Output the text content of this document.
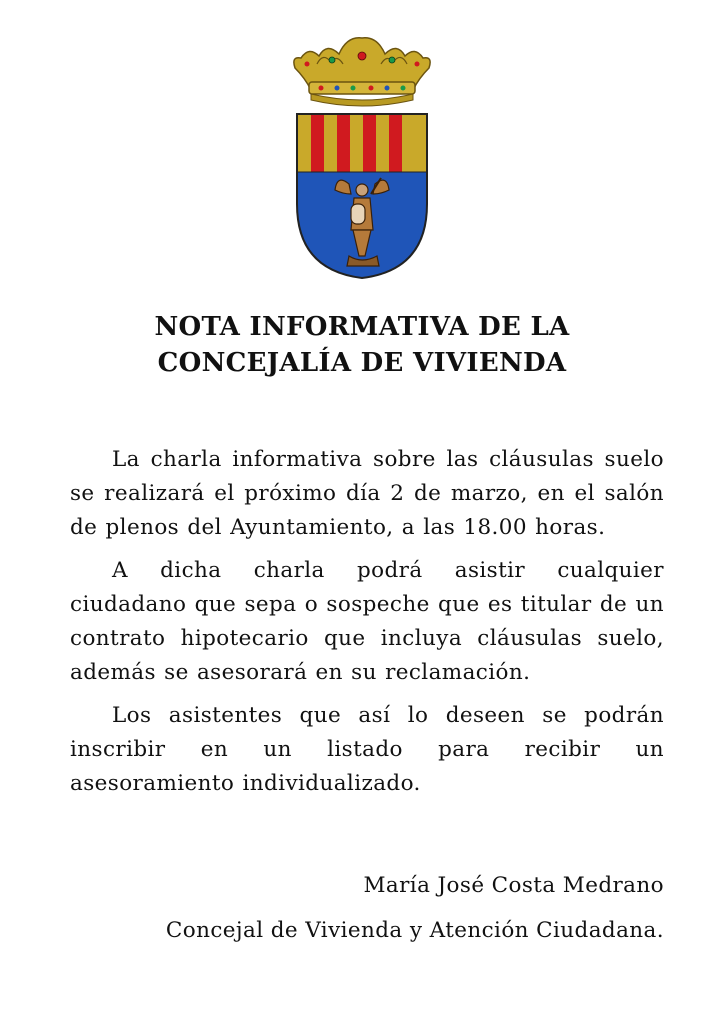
NOTA INFORMATIVA DE LA
CONCEJALÍA DE VIVIENDA

La charla informativa sobre las cláusulas suelo se realizará el próximo día 2 de marzo, en el salón de plenos del Ayuntamiento, a las 18.00 horas.

A dicha charla podrá asistir cualquier ciudadano que sepa o sospeche que es titular de un contrato hipotecario que incluya cláusulas suelo, además se asesorará en su reclamación.

Los asistentes que así lo deseen se podrán inscribir en un listado para recibir un asesoramiento individualizado.

María José Costa Medrano

Concejal de Vivienda y Atención Ciudadana.
